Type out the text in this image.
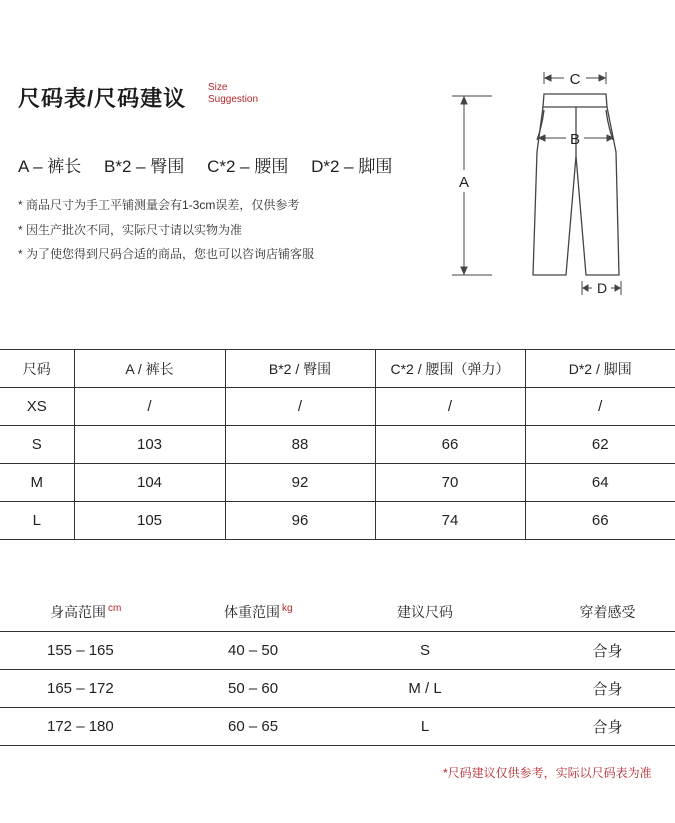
尺码表/尺码建议 Size
Suggestion
A – 裤长 B*2 – 臀围 C*2 – 腰围 D*2 – 脚围
* 商品尺寸为手工平铺测量会有1-3cm误差，仅供参考
* 因生产批次不同，实际尺寸请以实物为准
* 为了使您得到尺码合适的商品，您也可以咨询店铺客服
A
C
B
D
尺码	A / 裤长	B*2 / 臀围	C*2 / 腰围（弹力）	D*2 / 脚围
XS	/	/	/	/
S	103	88	66	62
M	104	92	70	64
L	105	96	74	66
身高范围 $^{cm}$	体重范围 $^{kg}$	建议尺码	穿着感受
155 – 165	40 – 50	S	合身
165 – 172	50 – 60	M / L	合身
172 – 180	60 – 65	L	合身
*尺码建议仅供参考，实际以尺码表为准
